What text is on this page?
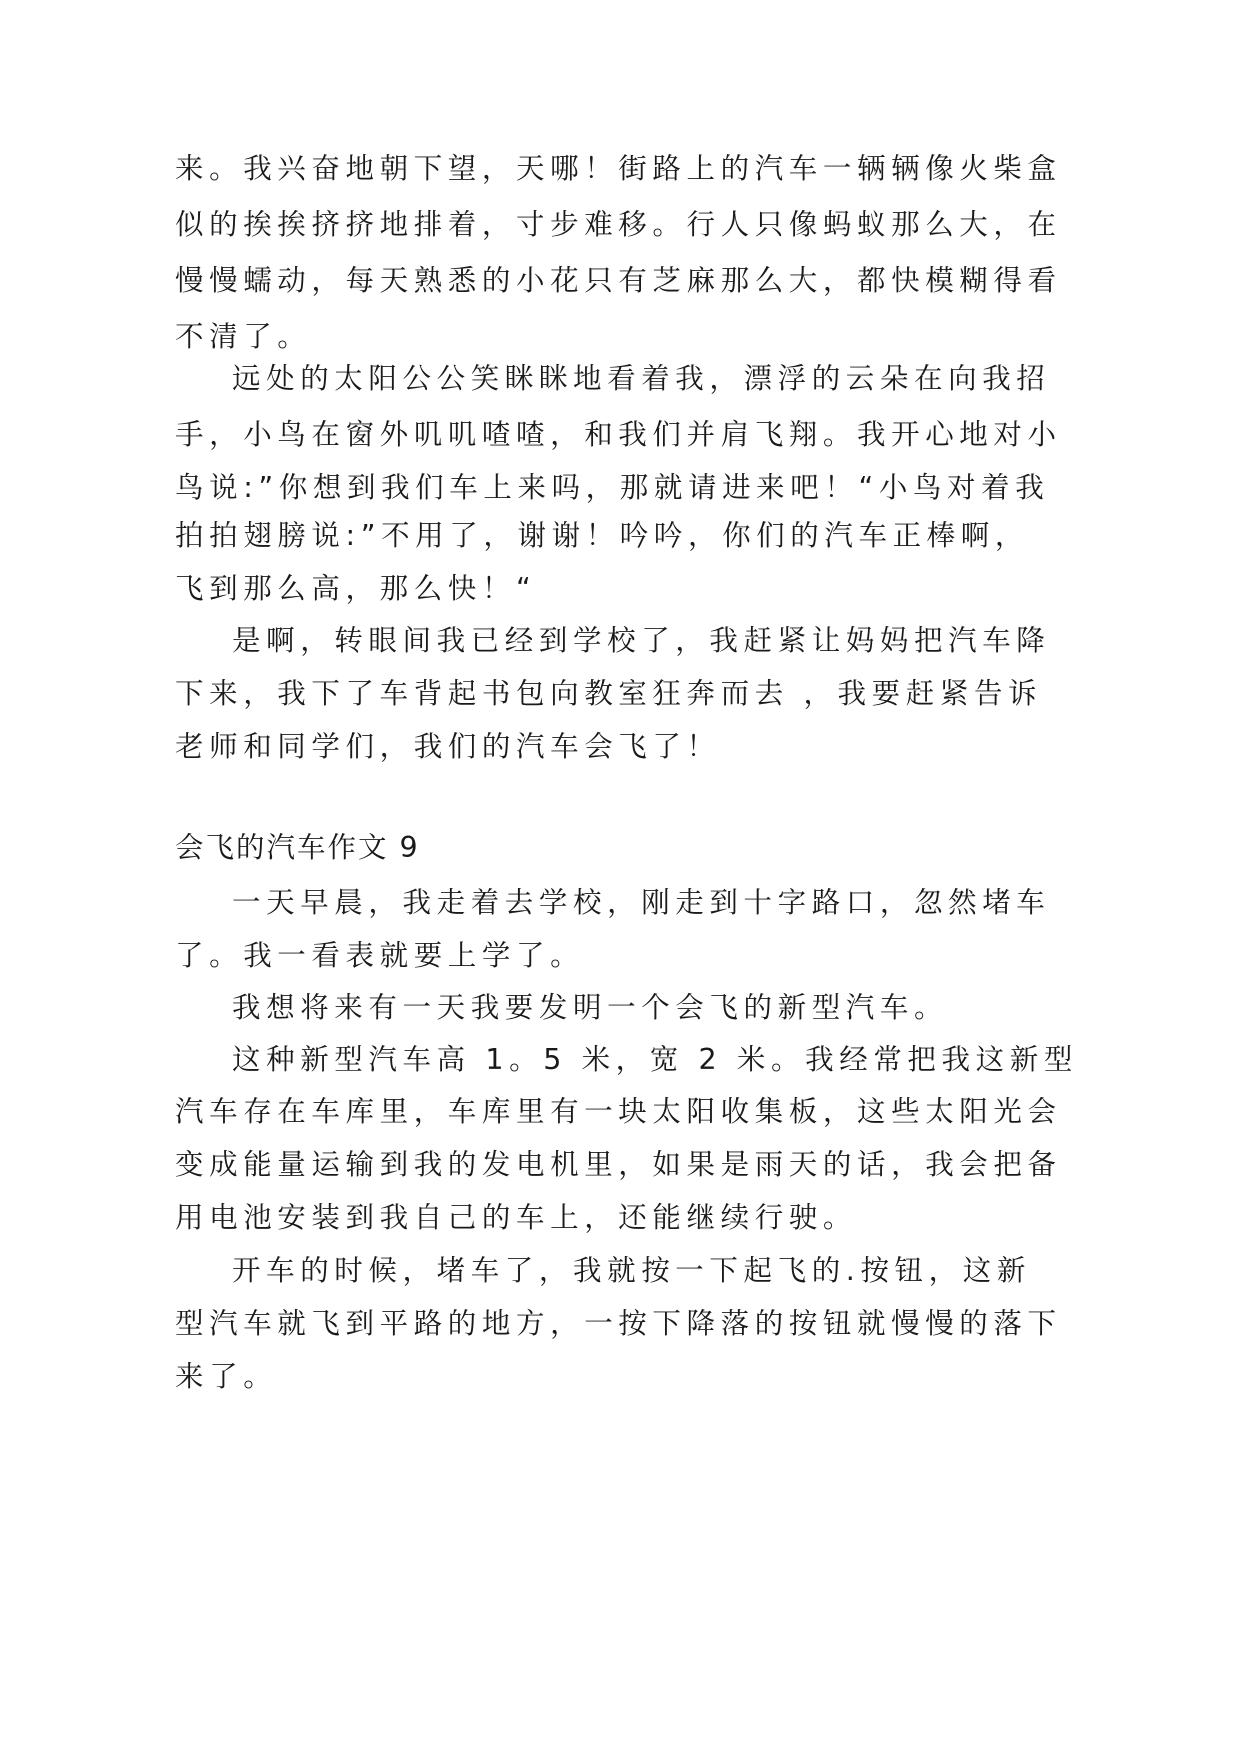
来。我兴奋地朝下望，天哪！街路上的汽车一辆辆像火柴盒
似的挨挨挤挤地排着，寸步难移。行人只像蚂蚁那么大，在
慢慢蠕动，每天熟悉的小花只有芝麻那么大，都快模糊得看
不清了。
远处的太阳公公笑眯眯地看着我，漂浮的云朵在向我招
手，小鸟在窗外叽叽喳喳，和我们并肩飞翔。我开心地对小
鸟说:”你想到我们车上来吗，那就请进来吧！“小鸟对着我
拍拍翅膀说:”不用了，谢谢！吟吟，你们的汽车正棒啊，
飞到那么高，那么快！“
是啊，转眼间我已经到学校了，我赶紧让妈妈把汽车降
下来，我下了车背起书包向教室狂奔而去 ，我要赶紧告诉
老师和同学们，我们的汽车会飞了！
会飞的汽车作文 9
一天早晨，我走着去学校，刚走到十字路口，忽然堵车
了。我一看表就要上学了。
我想将来有一天我要发明一个会飞的新型汽车。
这种新型汽车高 1。5 米，宽 2 米。我经常把我这新型
汽车存在车库里，车库里有一块太阳收集板，这些太阳光会
变成能量运输到我的发电机里，如果是雨天的话，我会把备
用电池安装到我自己的车上，还能继续行驶。
开车的时候，堵车了，我就按一下起飞的.按钮，这新
型汽车就飞到平路的地方，一按下降落的按钮就慢慢的落下
来了。
